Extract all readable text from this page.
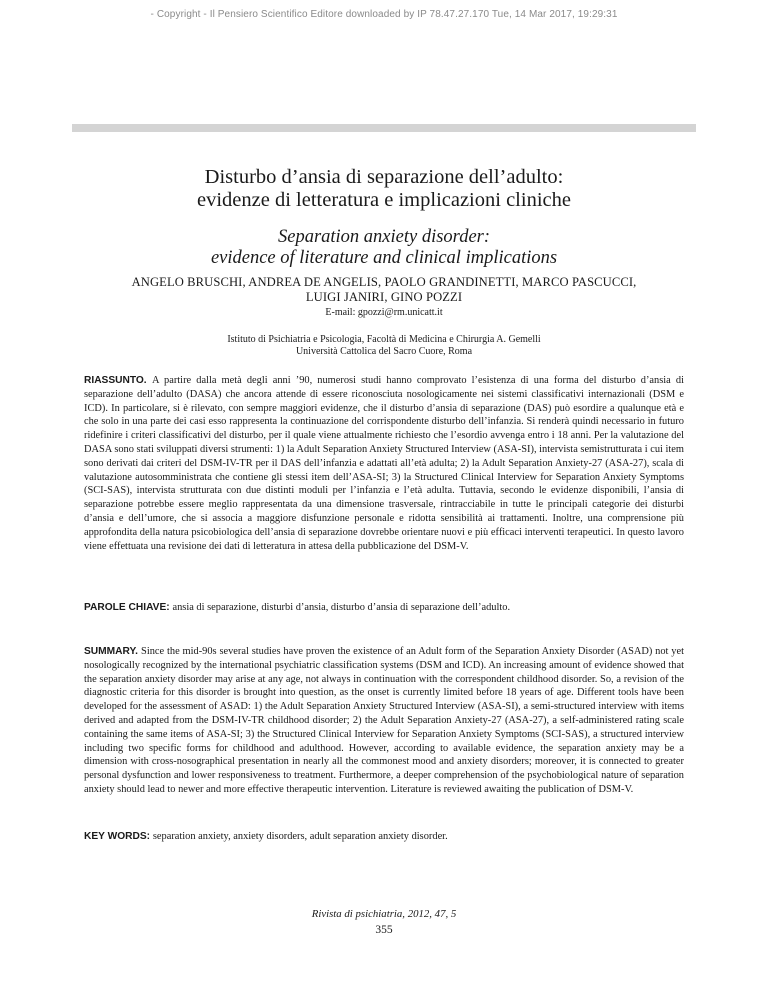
- Copyright - Il Pensiero Scientifico Editore downloaded by IP 78.47.27.170 Tue, 14 Mar 2017, 19:29:31
Disturbo d’ansia di separazione dell’adulto:
evidenze di letteratura e implicazioni cliniche
Separation anxiety disorder:
evidence of literature and clinical implications
ANGELO BRUSCHI, ANDREA DE ANGELIS, PAOLO GRANDINETTI, MARCO PASCUCCI,
LUIGI JANIRI, GINO POZZI
E-mail: gpozzi@rm.unicatt.it
Istituto di Psichiatria e Psicologia, Facoltà di Medicina e Chirurgia A. Gemelli
Università Cattolica del Sacro Cuore, Roma
RIASSUNTO. A partire dalla metà degli anni ’90, numerosi studi hanno comprovato l’esistenza di una forma del disturbo d’ansia di separazione dell’adulto (DASA) che ancora attende di essere riconosciuta nosologicamente nei sistemi classificativi internazionali (DSM e ICD). In particolare, si è rilevato, con sempre maggiori evidenze, che il disturbo d’ansia di separazione (DAS) può esordire a qualunque età e che solo in una parte dei casi esso rappresenta la continuazione del corrispondente disturbo dell’infanzia. Si renderà quindi necessario in futuro ridefinire i criteri classificativi del disturbo, per il quale viene attualmente richiesto che l’esordio avvenga entro i 18 anni. Per la valutazione del DASA sono stati sviluppati diversi strumenti: 1) la Adult Separation Anxiety Structured Interview (ASA-SI), intervista semistrutturata i cui item sono derivati dai criteri del DSM-IV-TR per il DAS dell’infanzia e adattati all’età adulta; 2) la Adult Separation Anxiety-27 (ASA-27), scala di valutazione autosomministrata che contiene gli stessi item dell’ASA-SI; 3) la Structured Clinical Interview for Separation Anxiety Symptoms (SCI-SAS), intervista strutturata con due distinti moduli per l’infanzia e l’età adulta. Tuttavia, secondo le evidenze disponibili, l’ansia di separazione potrebbe essere meglio rappresentata da una dimensione trasversale, rintracciabile in tutte le principali categorie dei disturbi d’ansia e dell’umore, che si associa a maggiore disfunzione personale e ridotta sensibilità ai trattamenti. Inoltre, una comprensione più approfondita della natura psicobiologica dell’ansia di separazione dovrebbe orientare nuovi e più efficaci interventi terapeutici. In questo lavoro viene effettuata una revisione dei dati di letteratura in attesa della pubblicazione del DSM-V.
PAROLE CHIAVE: ansia di separazione, disturbi d’ansia, disturbo d’ansia di separazione dell’adulto.
SUMMARY. Since the mid-90s several studies have proven the existence of an Adult form of the Separation Anxiety Disorder (ASAD) not yet nosologically recognized by the international psychiatric classification systems (DSM and ICD). An increasing amount of evidence showed that the separation anxiety disorder may arise at any age, not always in continuation with the correspondent childhood disorder. So, a revision of the diagnostic criteria for this disorder is brought into question, as the onset is currently limited before 18 years of age. Different tools have been developed for the assessment of ASAD: 1) the Adult Separation Anxiety Structured Interview (ASA-SI), a semi-structured interview with items derived and adapted from the DSM-IV-TR childhood disorder; 2) the Adult Separation Anxiety-27 (ASA-27), a self-administered rating scale containing the same items of ASA-SI; 3) the Structured Clinical Interview for Separation Anxiety Symptoms (SCI-SAS), a structured interview including two specific forms for childhood and adulthood. However, according to available evidence, the separation anxiety may be a dimension with cross-nosographical presentation in nearly all the commonest mood and anxiety disorders; moreover, it is connected to greater personal dysfunction and lower responsiveness to treatment. Furthermore, a deeper comprehension of the psychobiological nature of separation anxiety should lead to newer and more effective therapeutic intervention. Literature is reviewed awaiting the publication of DSM-V.
KEY WORDS: separation anxiety, anxiety disorders, adult separation anxiety disorder.
Rivista di psichiatria, 2012, 47, 5
355
